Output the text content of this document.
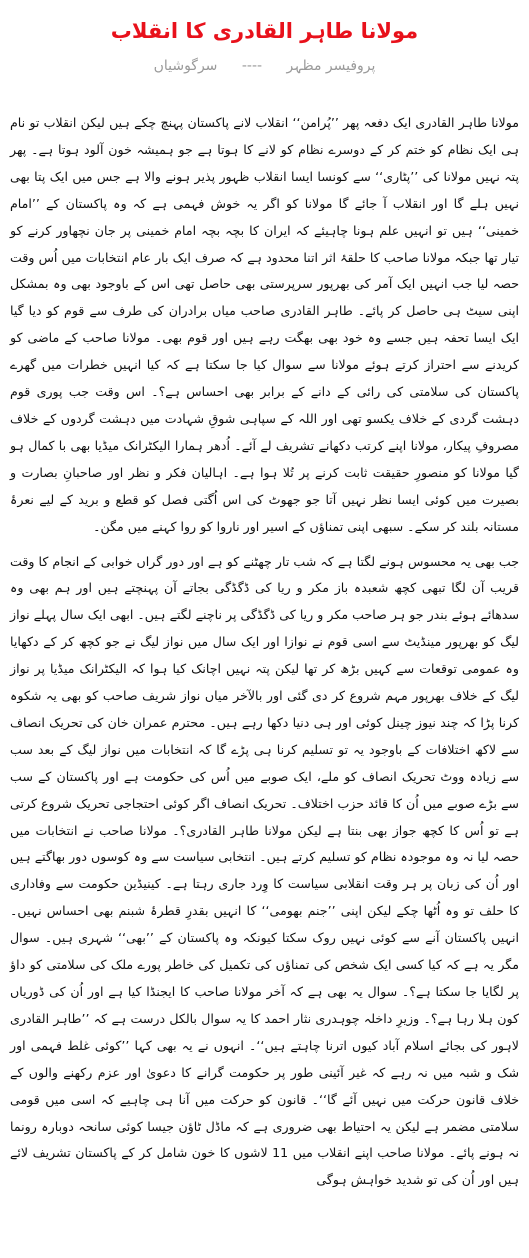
مولانا طاہر القادری کا انقلاب
پروفیسر مظہر ---- سرگوشیاں

مولانا طاہر القادری ایک دفعہ پھر ’’پُرامن‘‘ انقلاب لانے پاکستان پہنچ چکے ہیں لیکن انقلاب تو نام ہی ایک نظام کو ختم کر کے دوسرے نظام کو لانے کا ہوتا ہے جو ہمیشہ خون آلود ہوتا ہے۔ پھر پتہ نہیں مولانا کی ’’پٹاری‘‘ سے کونسا ایسا انقلاب ظہور پذیر ہونے والا ہے جس میں ایک پتا بھی نہیں ہلے گا اور انقلاب آ جائے گا مولانا کو اگر یہ خوش فہمی ہے کہ وہ پاکستان کے ’’امام خمینی‘‘ ہیں تو انہیں علم ہونا چاہیئے کہ ایران کا بچہ بچہ امام خمینی پر جان نچھاور کرنے کو تیار تھا جبکہ مولانا صاحب کا حلقۂ اثر اتنا محدود ہے کہ صرف ایک بار عام انتخابات میں اُس وقت حصہ لیا جب انہیں ایک آمر کی بھرپور سرپرستی بھی حاصل تھی اس کے باوجود بھی وہ بمشکل اپنی سیٹ ہی حاصل کر پائے۔ طاہر القادری صاحب میاں برادران کی طرف سے قوم کو دیا گیا ایک ایسا تحفہ ہیں جسے وہ خود بھی بھگت رہے ہیں اور قوم بھی۔ مولانا صاحب کے ماضی کو کریدنے سے احتراز کرتے ہوئے مولانا سے سوال کیا جا سکتا ہے کہ کیا انہیں خطرات میں گھرے پاکستان کی سلامتی کی رائی کے دانے کے برابر بھی احساس ہے؟۔ اس وقت جب پوری قوم دہشت گردی کے خلاف یکسو تھی اور اللہ کے سپاہی شوقِ شہادت میں دہشت گردوں کے خلاف مصروفِ پیکار، مولانا اپنے کرتب دکھانے تشریف لے آئے۔ اُدھر ہمارا الیکٹرانک میڈیا بھی با کمال ہو گیا مولانا کو منصورِ حقیقت ثابت کرنے پر تُلا ہوا ہے۔ اہالیان فکر و نظر اور صاحبانِ بصارت و بصیرت میں کوئی ایسا نظر نہیں آتا جو جھوٹ کی اس اُگتی فصل کو قطع و برید کے لیے نعرۂ مستانہ بلند کر سکے۔ سبھی اپنی تمناؤں کے اسیر اور ناروا کو روا کہنے میں مگن۔

جب بھی یہ محسوس ہونے لگتا ہے کہ شب تار چھٹنے کو ہے اور دور گراں خوابی کے انجام کا وقت قریب آن لگا تبھی کچھ شعبدہ باز مکر و ریا کی ڈگڈگی بجاتے آن پہنچتے ہیں اور ہم بھی وہ سدھائے ہوئے بندر جو ہر صاحب مکر و ریا کی ڈگڈگی پر ناچنے لگتے ہیں۔ ابھی ایک سال پہلے نواز لیگ کو بھرپور مینڈیٹ سے اسی قوم نے نوازا اور ایک سال میں نواز لیگ نے جو کچھ کر کے دکھایا وہ عمومی توقعات سے کہیں بڑھ کر تھا لیکن پتہ نہیں اچانک کیا ہوا کہ الیکٹرانک میڈیا پر نواز لیگ کے خلاف بھرپور مہم شروع کر دی گئی اور بالآخر میاں نواز شریف صاحب کو بھی یہ شکوہ کرنا پڑا کہ چند نیوز چینل کوئی اور ہی دنیا دکھا رہے ہیں۔ محترم عمران خان کی تحریک انصاف سے لاکھ اختلافات کے باوجود یہ تو تسلیم کرنا ہی پڑے گا کہ انتخابات میں نواز لیگ کے بعد سب سے زیادہ ووٹ تحریک انصاف کو ملے، ایک صوبے میں اُس کی حکومت ہے اور پاکستان کے سب سے بڑے صوبے میں اُن کا قائد حزب اختلاف۔ تحریک انصاف اگر کوئی احتجاجی تحریک شروع کرتی ہے تو اُس کا کچھ جواز بھی بنتا ہے لیکن مولانا طاہر القادری؟۔ مولانا صاحب نے انتخابات میں حصہ لیا نہ وہ موجودہ نظام کو تسلیم کرتے ہیں۔ انتخابی سیاست سے وہ کوسوں دور بھاگتے ہیں اور اُن کی زبان پر ہر وقت انقلابی سیاست کا وِرد جاری رہتا ہے۔ کینیڈین حکومت سے وفاداری کا حلف تو وہ اُٹھا چکے لیکن اپنی ’’جنم بھومی‘‘ کا انہیں بقدرِ قطرۂ شبنم بھی احساس نہیں۔ انہیں پاکستان آنے سے کوئی نہیں روک سکتا کیونکہ وہ پاکستان کے ’’بھی‘‘ شہری ہیں۔ سوال مگر یہ ہے کہ کیا کسی ایک شخص کی تمناؤں کی تکمیل کی خاطر پورے ملک کی سلامتی کو داؤ پر لگایا جا سکتا ہے؟۔ سوال یہ بھی ہے کہ آخر مولانا صاحب کا ایجنڈا کیا ہے اور اُن کی ڈوریاں کون ہلا رہا ہے؟۔ وزیرِ داخلہ چوہدری نثار احمد کا یہ سوال بالکل درست ہے کہ ’’طاہر القادری لاہور کی بجائے اسلام آباد کیوں اترنا چاہتے ہیں‘‘۔ انہوں نے یہ بھی کہا ’’کوئی غلط فہمی اور شک و شبہ میں نہ رہے کہ غیر آئینی طور پر حکومت گرانے کا دعویٰ اور عزم رکھنے والوں کے خلاف قانون حرکت میں نہیں آئے گا‘‘۔ قانون کو حرکت میں آنا ہی چاہیے کہ اسی میں قومی سلامتی مضمر ہے لیکن یہ احتیاط بھی ضروری ہے کہ ماڈل ٹاؤن جیسا کوئی سانحہ دوبارہ رونما نہ ہونے پائے۔ مولانا صاحب اپنے انقلاب میں 11 لاشوں کا خون شامل کر کے پاکستان تشریف لائے ہیں اور اُن کی تو شدید خواہش ہوگی
